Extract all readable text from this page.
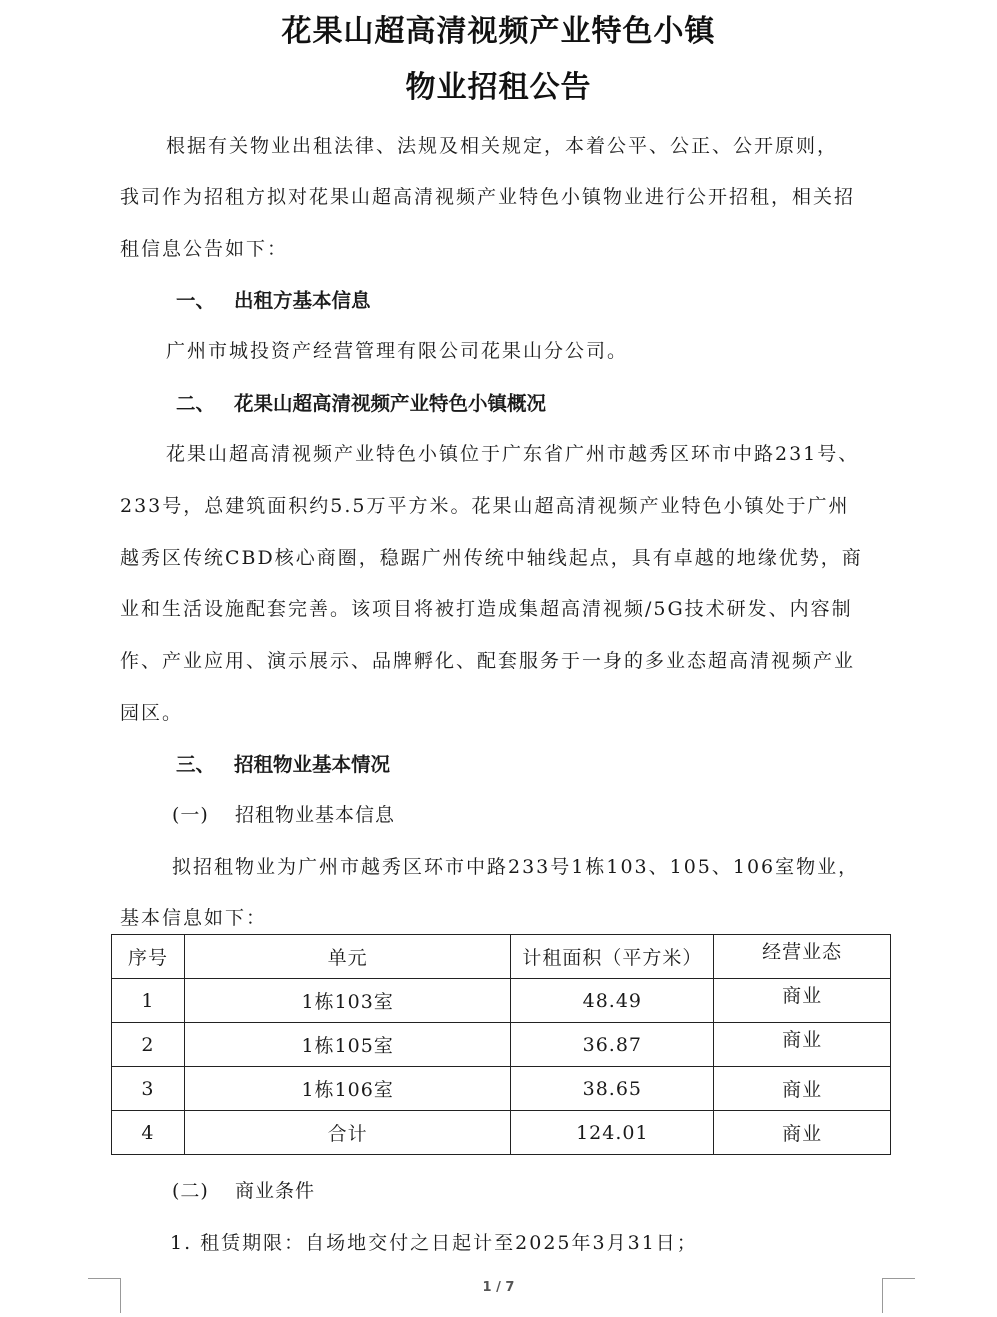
花果山超高清视频产业特色小镇
物业招租公告
根据有关物业出租法律、法规及相关规定，本着公平、公正、公开原则，
我司作为招租方拟对花果山超高清视频产业特色小镇物业进行公开招租，相关招
租信息公告如下：
一、 出租方基本信息
广州市城投资产经营管理有限公司花果山分公司。
二、 花果山超高清视频产业特色小镇概况
花果山超高清视频产业特色小镇位于广东省广州市越秀区环市中路231号、
233号，总建筑面积约5.5万平方米。花果山超高清视频产业特色小镇处于广州
越秀区传统CBD核心商圈，稳踞广州传统中轴线起点，具有卓越的地缘优势，商
业和生活设施配套完善。该项目将被打造成集超高清视频/5G技术研发、内容制
作、产业应用、演示展示、品牌孵化、配套服务于一身的多业态超高清视频产业
园区。
三、 招租物业基本情况
(一) 招租物业基本信息
拟招租物业为广州市越秀区环市中路233号1栋103、105、106室物业，
基本信息如下：
序号	单元	计租面积（平方米）	经营业态
1	1栋103室	48.49	商业
2	1栋105室	36.87	商业
3	1栋106室	38.65	商业
4	合计	124.01	商业
(二) 商业条件
1. 租赁期限：自场地交付之日起计至2025年3月31日；
1 / 7
